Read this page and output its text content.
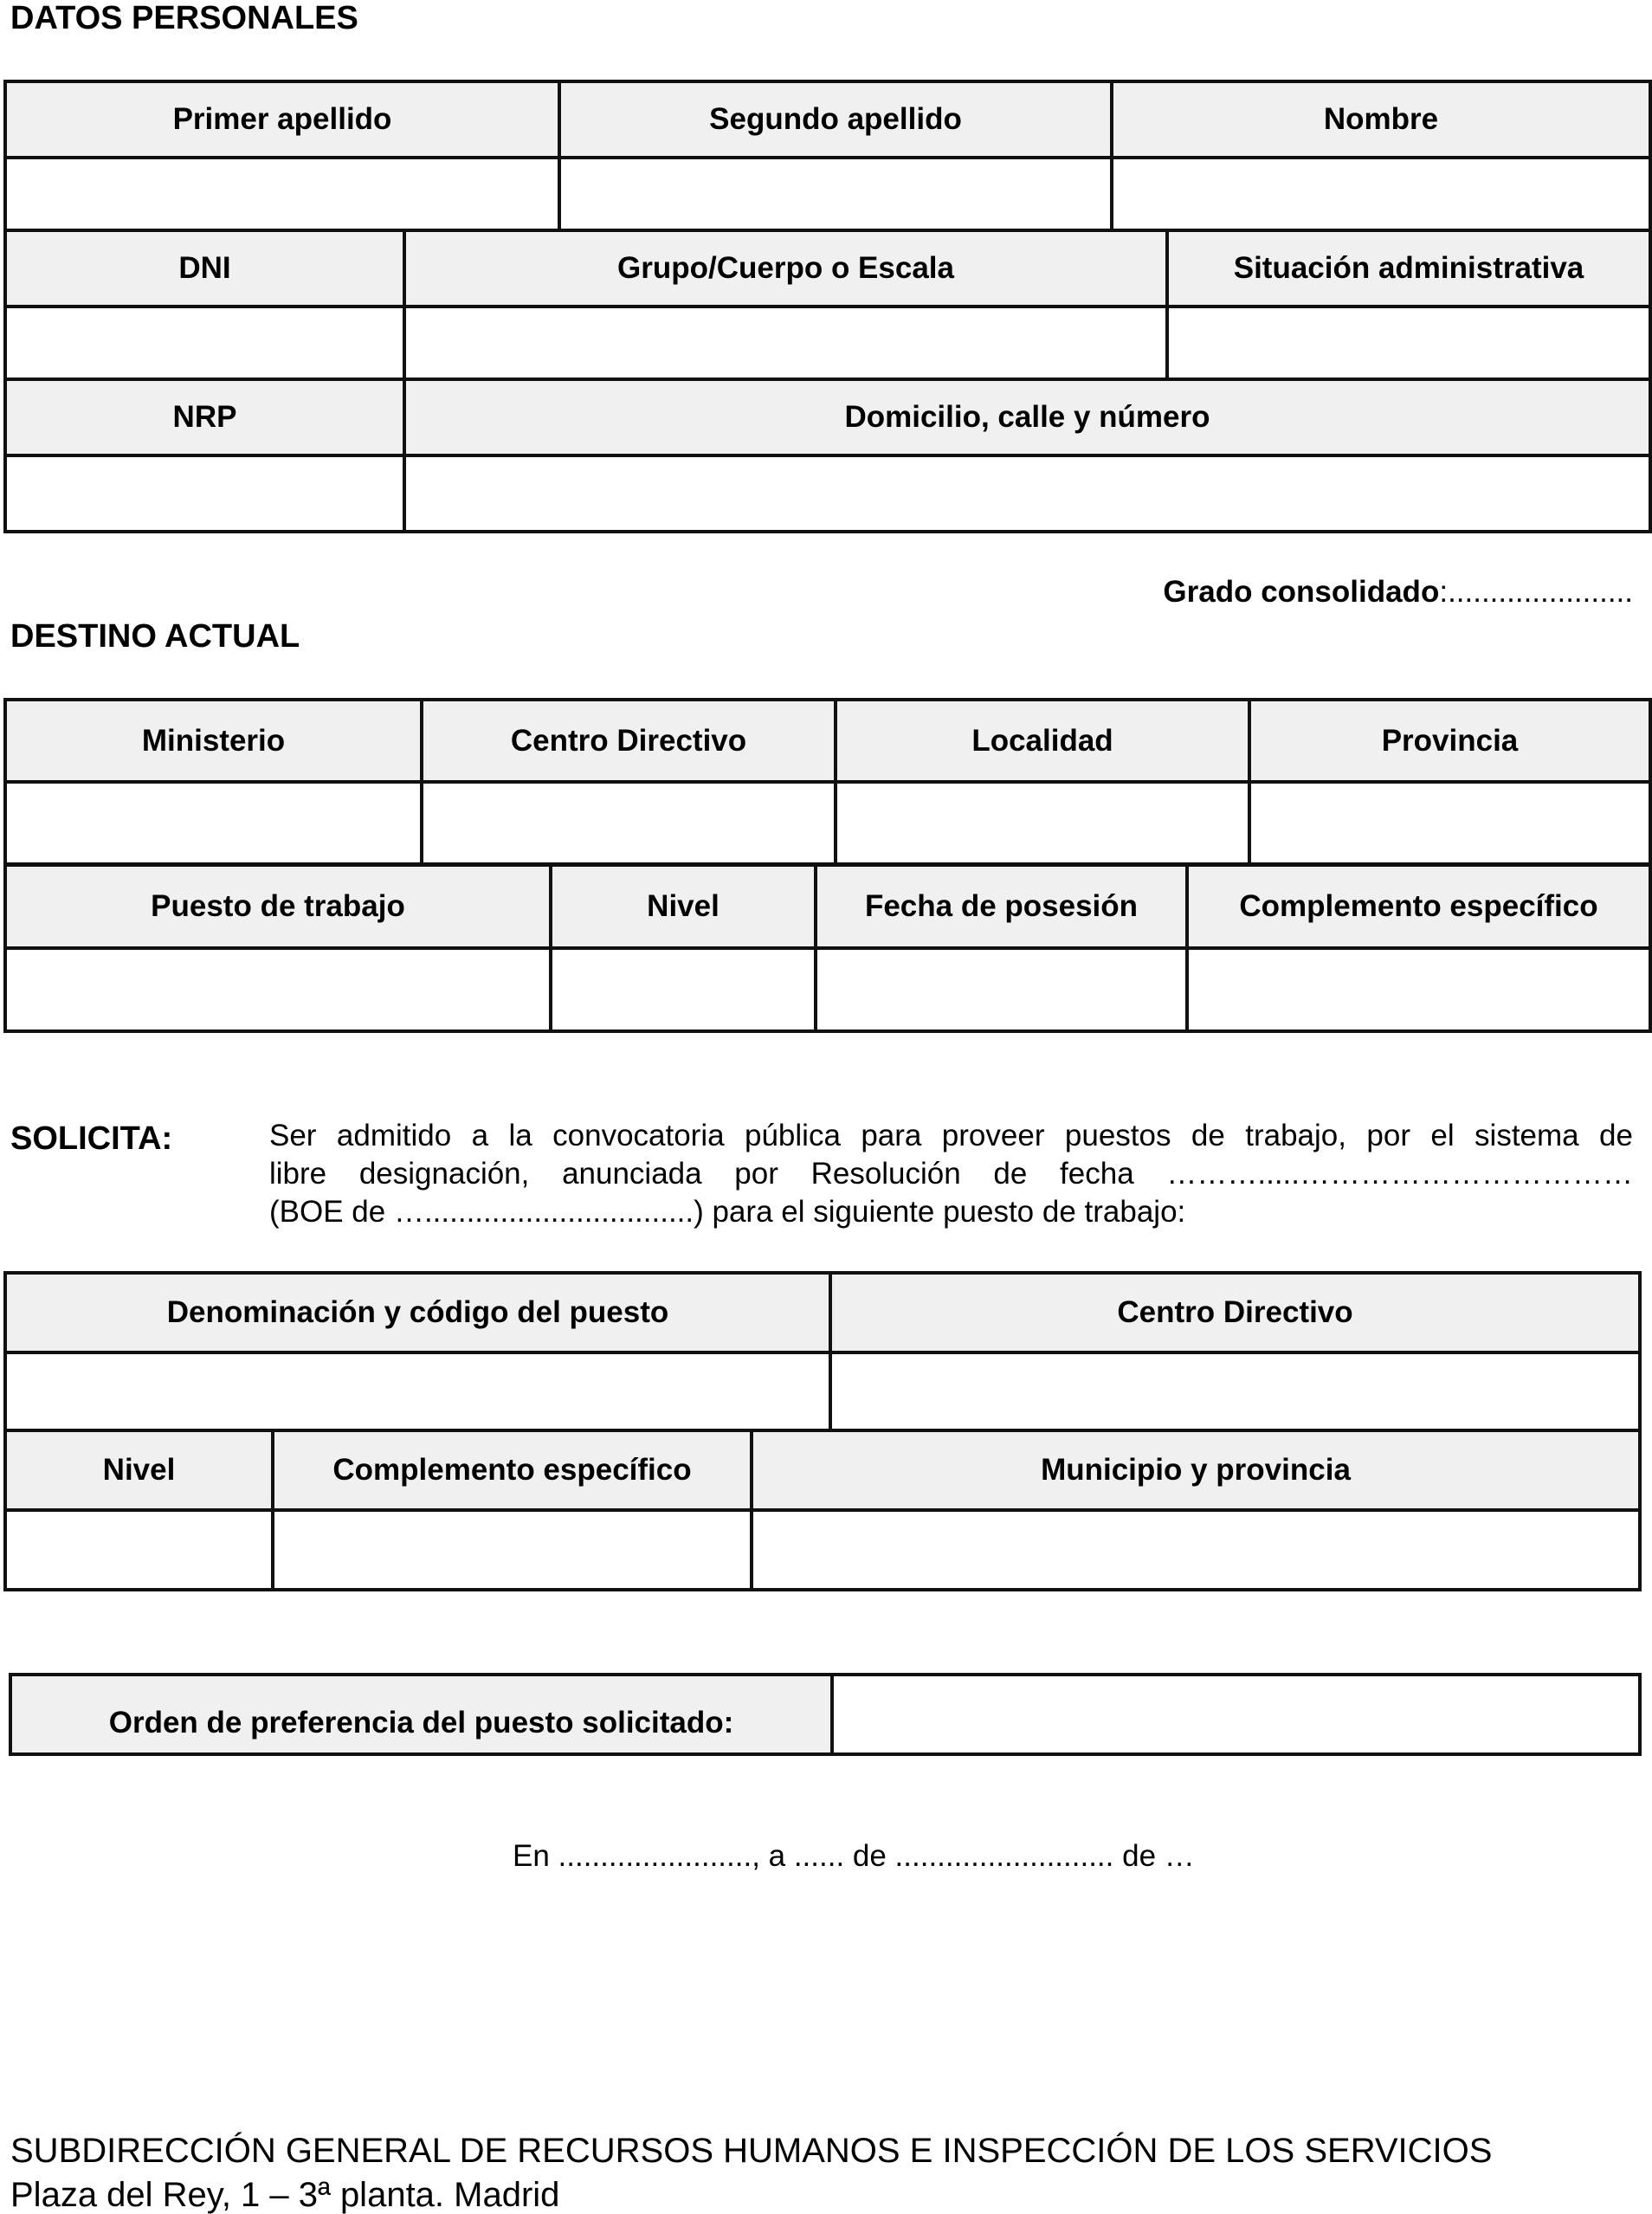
DATOS PERSONALES
Primer apellido	Segundo apellido	Nombre

DNI	Grupo/Cuerpo o Escala	Situación administrativa

NRP	Domicilio, calle y número

Grado consolidado:......................
DESTINO ACTUAL
Ministerio	Centro Directivo	Localidad	Provincia

Puesto de trabajo	Nivel	Fecha de posesión	Complemento específico

SOLICITA:	Ser admitido a la convocatoria pública para proveer puestos de trabajo, por el sistema de
libre designación, anunciada por Resolución de fecha ……….....……………………………
(BOE de …................................) para el siguiente puesto de trabajo:
Denominación y código del puesto	Centro Directivo

Nivel	Complemento específico	Municipio y provincia

Orden de preferencia del puesto solicitado:	
En ......................., a ...... de .......................... de …
SUBDIRECCIÓN GENERAL DE RECURSOS HUMANOS E INSPECCIÓN DE LOS SERVICIOS
Plaza del Rey, 1 – 3ª planta. Madrid
